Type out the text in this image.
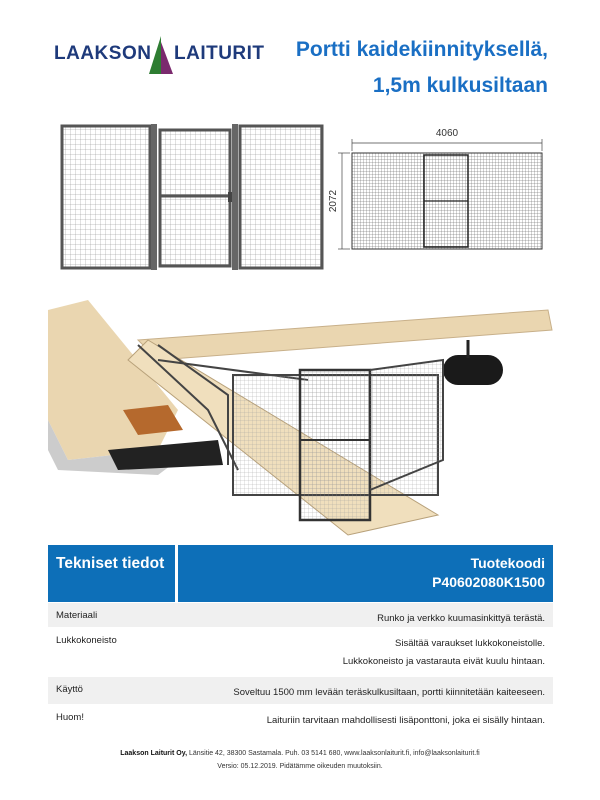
LAAKSON LAITURIT Portti kaidekiinnityksellä,
1,5m kulkusiltaan
4060
2072
Tekniset tiedot	Tuotekoodi
P40602080K1500
Materiaali	Runko ja verkko kuumasinkittyä terästä.
Lukkokoneisto	Sisältää varaukset lukkokoneistolle.
Lukkokoneisto ja vastarauta eivät kuulu hintaan.
Käyttö	Soveltuu 1500 mm levään teräskulkusiltaan, portti kiinnitetään kaiteeseen.
Huom!	Laituriin tarvitaan mahdollisesti lisäponttoni, joka ei sisälly hintaan.
Laakson Laiturit Oy, Länsitie 42, 38300 Sastamala. Puh. 03 5141 680, www.laaksonlaiturit.fi, info@laaksonlaiturit.fi
Versio: 05.12.2019. Pidätämme oikeuden muutoksiin.
